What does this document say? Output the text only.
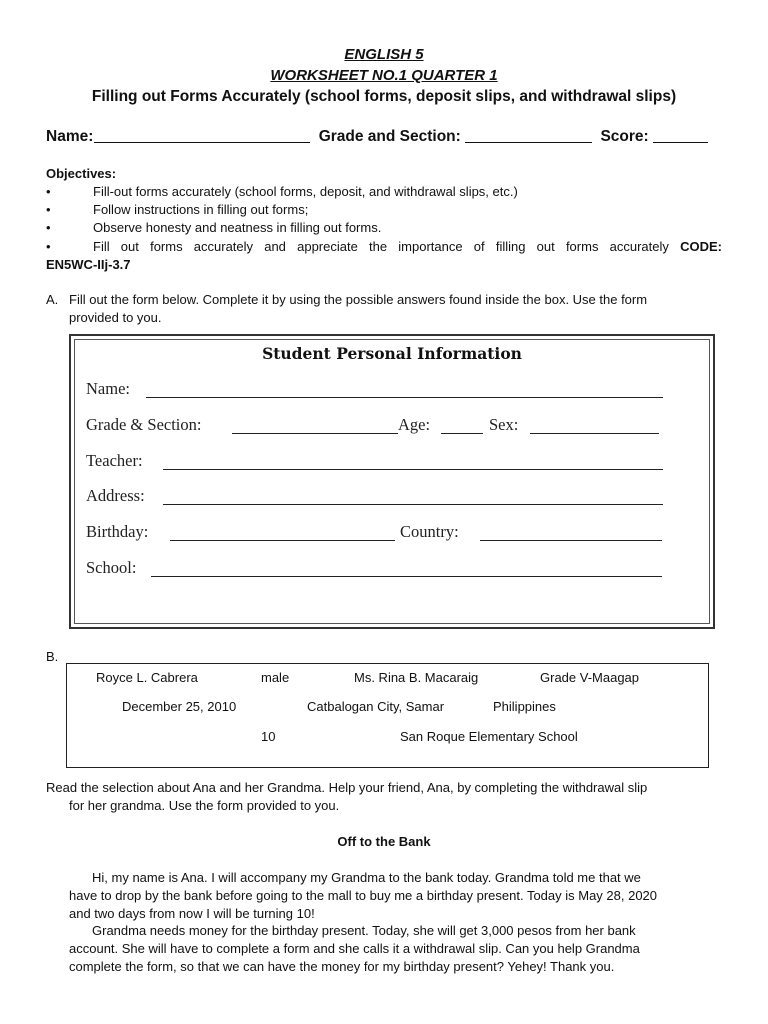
ENGLISH 5
WORKSHEET NO.1 QUARTER 1
Filling out Forms Accurately (school forms, deposit slips, and withdrawal slips)
Name:	Grade and Section:	Score:
Objectives:
•	Fill-out forms accurately (school forms, deposit, and withdrawal slips, etc.)
•	Follow instructions in filling out forms;
•	Observe honesty and neatness in filling out forms.
•	Fill out forms accurately and appreciate the importance of filling out forms accurately CODE:
EN5WC-IIj-3.7
A. Fill out the form below. Complete it by using the possible answers found inside the box. Use the form
provided to you.
Student Personal Information
Name:
Grade & Section:	Age:	Sex:
Teacher:
Address:
Birthday:	Country:
School:
B.
Royce L. Cabrera	male	Ms. Rina B. Macaraig	Grade V-Maagap
December 25, 2010	Catbalogan City, Samar	Philippines
10	San Roque Elementary School
Read the selection about Ana and her Grandma. Help your friend, Ana, by completing the withdrawal slip
for her grandma. Use the form provided to you.
Off to the Bank
Hi, my name is Ana. I will accompany my Grandma to the bank today. Grandma told me that we
have to drop by the bank before going to the mall to buy me a birthday present. Today is May 28, 2020
and two days from now I will be turning 10!
Grandma needs money for the birthday present. Today, she will get 3,000 pesos from her bank
account. She will have to complete a form and she calls it a withdrawal slip. Can you help Grandma
complete the form, so that we can have the money for my birthday present? Yehey! Thank you.
